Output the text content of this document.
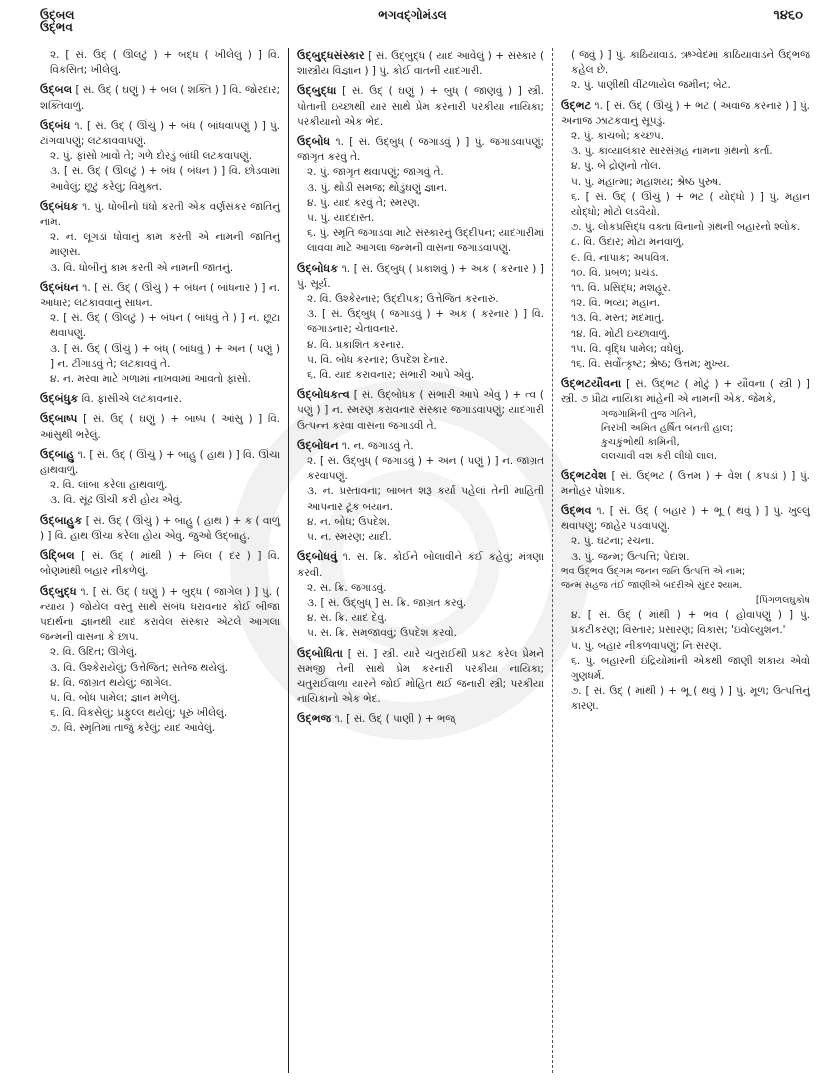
ઉદ્બલ	ભગવદ્ગોમંડલ	૧૪૬૦
ઉદ્ભવ
૨. [ સં. ઉદ્ ( ઊલટું ) + બદ્ધ ( ખીલેલું ) ] વિ. વિકસિત; ખીલેલું.
ઉદ્બલ [ સં. ઉદ્ ( ઘણું ) + બલ ( શક્તિ ) ] વિ. જોરદાર; શક્તિવાળું.
ઉદ્બંધ ૧. [ સં. ઉદ્ ( ઊંચું ) + બંધ ( બાંધવાપણું ) ] પું. ટાંગવાપણું; લટકાવવાપણું.
૨. પું. ફાંસો ખાવો તે; ગળે દોરડું બાંધી લટકવાપણું.
૩. [ સં. ઉદ્ ( ઊલટું ) + બંધ ( બંધન ) ] વિ. છોડવામાં આવેલું; છૂટું કરેલું; વિમુક્ત.
ઉદ્બંધક ૧. પું. ધોબીનો ધંધો કરતી એક વર્ણસંકર જાતિનું નામ.
૨. ન. લૂગડાં ધોવાનું કામ કરતી એ નામની જાતિનું માણસ.
૩. વિ. ધોબીનું કામ કરતી એ નામની જાતનું.
ઉદ્બંધન ૧. [ સં. ઉદ્ ( ઊંચું ) + બંધન ( બાંધનાર ) ] ન. આધાર; લટકાવવાનું સાધન.
૨. [ સં. ઉદ્ ( ઊલટું ) + બંધન ( બાંધવું તે ) ] ન. છૂટા થવાપણું.
૩. [ સં. ઉદ્ ( ઊંચું ) + બંધ્ ( બાંધવું ) + અન ( પણું ) ] ન. ટીંગાડવું તે; લટકાવવું તે.
૪. ન. મરવા માટે ગળામાં નાખવામાં આવતો ફાંસો.
ઉદ્બંધુક વિ. ફાંસીએ લટકાવનાર.
ઉદ્બાષ્પ [ સં. ઉદ્ ( ઘણું ) + બાષ્પ ( આંસુ ) ] વિ. આંસુથી ભરેલું.
ઉદ્બાહુ ૧. [ સં. ઉદ્ ( ઊંચું ) + બાહુ ( હાથ ) ] વિ. ઊંચા હાથવાળું.
૨. વિ. લાંબા કરેલા હાથવાળું.
૩. વિ. સૂંઢ ઊંચી કરી હોય એવું.
ઉદ્બાહુક [ સં. ઉદ્ ( ઊંચું ) + બાહુ ( હાથ ) + ક ( વાળું ) ] વિ. હાથ ઊંચા કરેલા હોય એવું. જુઓ ઉદ્બાહુ.
ઉદ્બિલ [ સં. ઉદ્ ( માંથી ) + બિલ ( દર ) ] વિ. બોણમાંથી બહાર નીકળેલું.
ઉદ્બુદ્ધ ૧. [ સં. ઉદ્ ( ઘણું ) + બુદ્ધ ( જાગેલ ) ] પું. ( ન્યાય ) જોયેલ વસ્તુ સાથે સંબંધ ધરાવનાર કોઈ બીજા પદાર્થના જ્ઞાનથી યાદ કરાવેલ સંસ્કાર એટલે આગલા જન્મની વાસના કે છાપ.
૨. વિ. ઉદિત; ઊગેલું.
૩. વિ. ઉશ્કેરાયેલું; ઉત્તેજિત; સતેજ થયેલું.
૪. વિ. જાગ્રત થયેલું; જાગેલ.
૫. વિ. બોધ પામેલ; જ્ઞાન મળેલું.
૬. વિ. વિકસેલું; પ્રફુલ્લ થયેલું; પૂરું ખીલેલું.
૭. વિ. સ્મૃતિમાં તાજું કરેલું; યાદ આવેલું.
ઉદ્બુદ્ધસંસ્કાર [ સં. ઉદ્બુદ્ધ ( યાદ આવેલું ) + સંસ્કાર ( શાસ્ત્રીય વિજ્ઞાન ) ] પું. કોઈ વાતની યાદગારી.
ઉદ્બુદ્ધા [ સં. ઉદ્ ( ઘણું ) + બુધ્ ( જાણવું ) ] સ્ત્રી. પોતાની ઇચ્છાથી યાર સાથે પ્રેમ કરનારી પરકીયા નાયિકા; પરકીયાનો એક ભેદ.
ઉદ્બોધ ૧. [ સં. ઉદ્બુધ્ ( જગાડવું ) ] પું. જગાડવાપણું; જાગૃત કરવું તે.
૨. પું. જાગૃત થવાપણું; જાગવું તે.
૩. પું. થોડી સમજ; થોડુંઘણું જ્ઞાન.
૪. પું. યાદ કરવું તે; સ્મરણ.
૫. પું. યાદદાસ્ત.
૬. પું. સ્મૃતિ જગાડવા માટે સંસ્કારનું ઉદ્દીપન; યાદગારીમાં લાવવા માટે આગલા જન્મની વાસના જગાડવાપણું.
ઉદ્બોધક ૧. [ સં. ઉદ્બુધ્ ( પ્રકાશવું ) + અક ( કરનાર ) ] પું. સૂર્ય.
૨. વિ. ઉશ્કેરનાર; ઉદ્દીપક; ઉત્તેજિત કરનારું.
૩. [ સં. ઉદ્બુધ્ ( જગાડવું ) + અક ( કરનાર ) ] વિ. જગાડનાર; ચેતાવનાર.
૪. વિ. પ્રકાશિત કરનાર.
૫. વિ. બોધ કરનાર; ઉપદેશ દેનાર.
૬. વિ. યાદ કરાવનાર; સંભારી આપે એવું.
ઉદ્બોધકત્વ [ સં. ઉદ્બોધક ( સંભારી આપે એવું ) + ત્વ ( પણું ) ] ન. સ્મરણ કરાવનાર સંસ્કાર જગાડવાપણું; યાદગારી ઉત્પન્ન કરવા વાસના જગાડવી તે.
ઉદ્બોધન ૧. ન. જગાડવું તે.
૨. [ સં. ઉદ્બુધ્ ( જગાડવું ) + અન ( પણું ) ] ન. જાગ્રત કરવાપણું.
૩. ન. પ્રસ્તાવના; બાબત શરૂ કર્યા પહેલાં તેની માહિતી આપનાર ટૂંક બયાન.
૪. ન. બોધ; ઉપદેશ.
૫. ન. સ્મરણ; યાદી.
ઉદ્બોધવું ૧. સ. ક્રિ. કોઈને બોલાવીને કંઈ કહેવું; મંત્રણા કરવી.
૨. સ. ક્રિ. જગાડવું.
૩. [ સં. ઉદ્બુધ્ ] સ. ક્રિ. જાગ્રત કરવું.
૪. સ. ક્રિ. યાદ દેવું.
૫. સ. ક્રિ. સમજાવવું; ઉપદેશ કરવો.
ઉદ્બોધિતા [ સં. ] સ્ત્રી. યારે ચતુરાઈથી પ્રકટ કરેલ પ્રેમને સમજી તેની સાથે પ્રેમ કરનારી પરકીયા નાયિકા; ચતુરાઈવાળા યારને જોઈ મોહિત થઈ જનારી સ્ત્રી; પરકીયા નાયિકાનો એક ભેદ.
ઉદ્ભજ ૧. [ સં. ઉદ્ ( પાણી ) + ભજ્
( જવું ) ] પું. કાઠિયાવાડ. ઋગ્વેદમાં કાઠિયાવાડને ઉદ્ભજ કહેલ છે.
૨. પું. પાણીથી વીંટળાયેલ જમીન; બેટ.
ઉદ્ભટ ૧. [ સં. ઉદ્ ( ઊંચું ) + ભટ ( અવાજ કરનાર ) ] પું. અનાજ ઝાટકવાનું સૂપડું.
૨. પું. કાચબો; કચ્છપ.
૩. પું. કાવ્યાલંકાર સારસંગ્રહ નામના ગ્રંથનો કર્તા.
૪. પું. બે દ્રોણનો તોલ.
૫. પું. મહાત્મા; મહાશય; શ્રેષ્ઠ પુરુષ.
૬. [ સં. ઉદ્ ( ઊંચું ) + ભટ ( યોદ્ધો ) ] પું. મહાન યોદ્ધો; મોટો લડવૈયો.
૭. પું. લોકપ્રસિદ્ધ વક્તા વિનાનો ગ્રંથની બહારનો શ્લોક.
૮. વિ. ઉદાર; મોટા મનવાળું.
૯. વિ. નાપાક; અપવિત્ર.
૧૦. વિ. પ્રબળ; પ્રચંડ.
૧૧. વિ. પ્રસિદ્ધ; મશહૂર.
૧૨. વિ. ભવ્ય; મહાન.
૧૩. વિ. મસ્ત; મદમાતું.
૧૪. વિ. મોટી ઇચ્છાવાળું.
૧૫. વિ. વૃદ્ધિ પામેલ; વધેલું.
૧૬. વિ. સર્વોત્કૃષ્ટ; શ્રેષ્ઠ; ઉત્તમ; મુખ્ય.
ઉદ્ભટયૌવના [ સં. ઉદ્ભટ ( મોટું ) + યૌવના ( સ્ત્રી ) ] સ્ત્રી. ૭ પ્રૌઢા નાયિકા માંહેની એ નામની એક. જેમકે,
ગજગામિની તુજ ગતિને,
નિરખી અમિત હર્ષિત બનતી હાલ;
કુચકુંભોથી કામિની,
લલચાવી વશ કરી લીધો લાલ.
ઉદ્ભટવેશ [ સં. ઉદ્ભટ ( ઉત્તમ ) + વેશ ( કપડાં ) ] પું. મનોહર પોશાક.
ઉદ્ભવ ૧. [ સં. ઉદ્ ( બહાર ) + ભૂ ( થવું ) ] પું. ખુલ્લું થવાપણું; જાહેર પડવાપણું.
૨. પું. ઘટના; રચના.
૩. પું. જન્મ; ઉત્પત્તિ; પેદાશ.
ભવ ઉદ્ભવ ઉદ્ગમ જનન જનિ ઉત્પત્તિ એ નામ;
જન્મ સહજ તંઈ જાણીએ બદરીએ સુંદર શ્યામ.
[પિંગળલઘુકોષ
૪. [ સં. ઉદ્ ( માંથી ) + ભવ ( હોવાપણું ) ] પું. પ્રકટીકરણ; વિસ્તાર; પ્રસારણ; વિકાસ; 'ઇવોલ્યુશન.'
૫. પું. બહાર નીકળવાપણું; નિઃસરણ.
૬. પું. બહારની ઇંદ્રિયોમાંની એકથી જાણી શકાય એવો ગુણધર્મ.
૭. [ સં. ઉદ્ ( માંથી ) + ભૂ ( થવું ) ] પું. મૂળ; ઉત્પત્તિનું કારણ.
